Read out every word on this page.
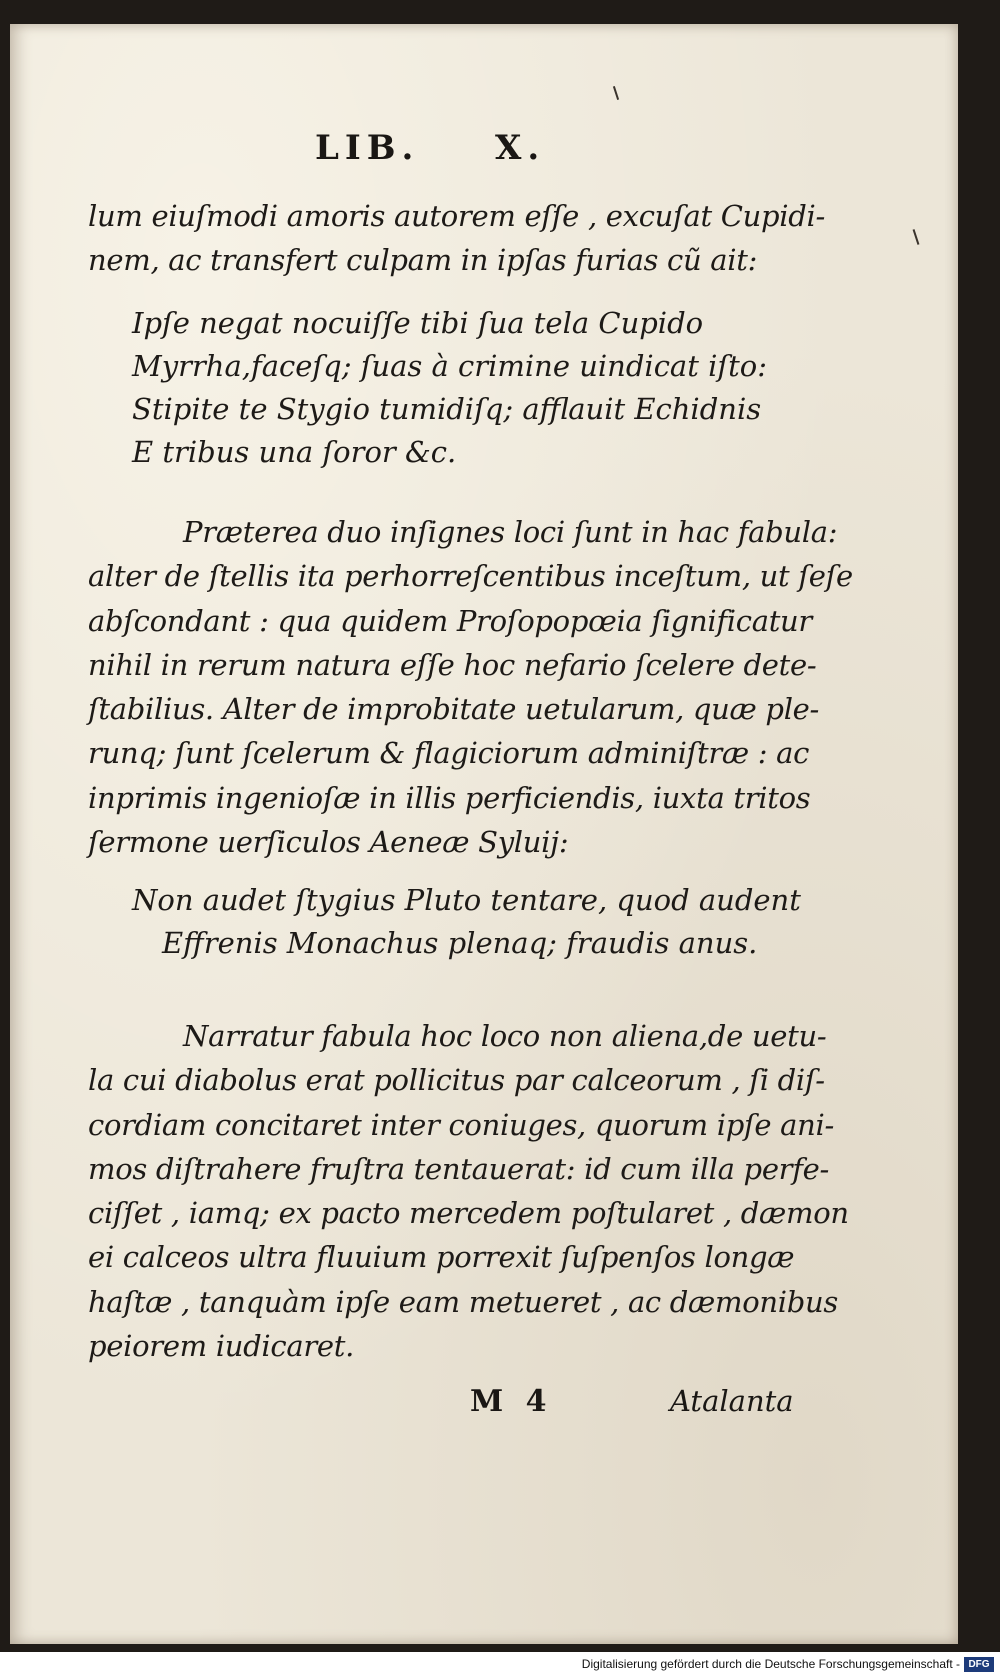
LIB. X.
lum eiuſmodi amoris autorem eſſe , excuſat Cupidi-
nem, ac transfert culpam in ipſas furias cũ ait:
Ipſe negat nocuiſſe tibi ſua tela Cupido
Myrrha,faceſq; ſuas à crimine uindicat iſto:
Stipite te Stygio tumidiſq; afflauit Echidnis
E tribus una ſoror &c.
Præterea duo inſignes loci ſunt in hac fabula:
alter de ſtellis ita perhorreſcentibus inceſtum, ut ſeſe
abſcondant : qua quidem Proſopopœia ſignificatur
nihil in rerum natura eſſe hoc nefario ſcelere dete-
ſtabilius. Alter de improbitate uetularum, quæ ple-
runq; ſunt ſcelerum & flagiciorum adminiſtræ : ac
inprimis ingenioſæ in illis perficiendis, iuxta tritos
ſermone uerſiculos Aeneæ Syluij:
Non audet ſtygius Pluto tentare, quod audent
Effrenis Monachus plenaq; fraudis anus.
Narratur fabula hoc loco non aliena,de uetu-
la cui diabolus erat pollicitus par calceorum , ſi diſ-
cordiam concitaret inter coniuges, quorum ipſe ani-
mos diſtrahere fruſtra tentauerat: id cum illa perfe-
ciſſet , iamq; ex pacto mercedem poſtularet , dæmon
ei calceos ultra fluuium porrexit ſuſpenſos longæ
haſtæ , tanquàm ipſe eam metueret , ac dæmonibus
peiorem iudicaret.
M 4	Atalanta
Digitalisierung gefördert durch die Deutsche Forschungsgemeinschaft - DFG
